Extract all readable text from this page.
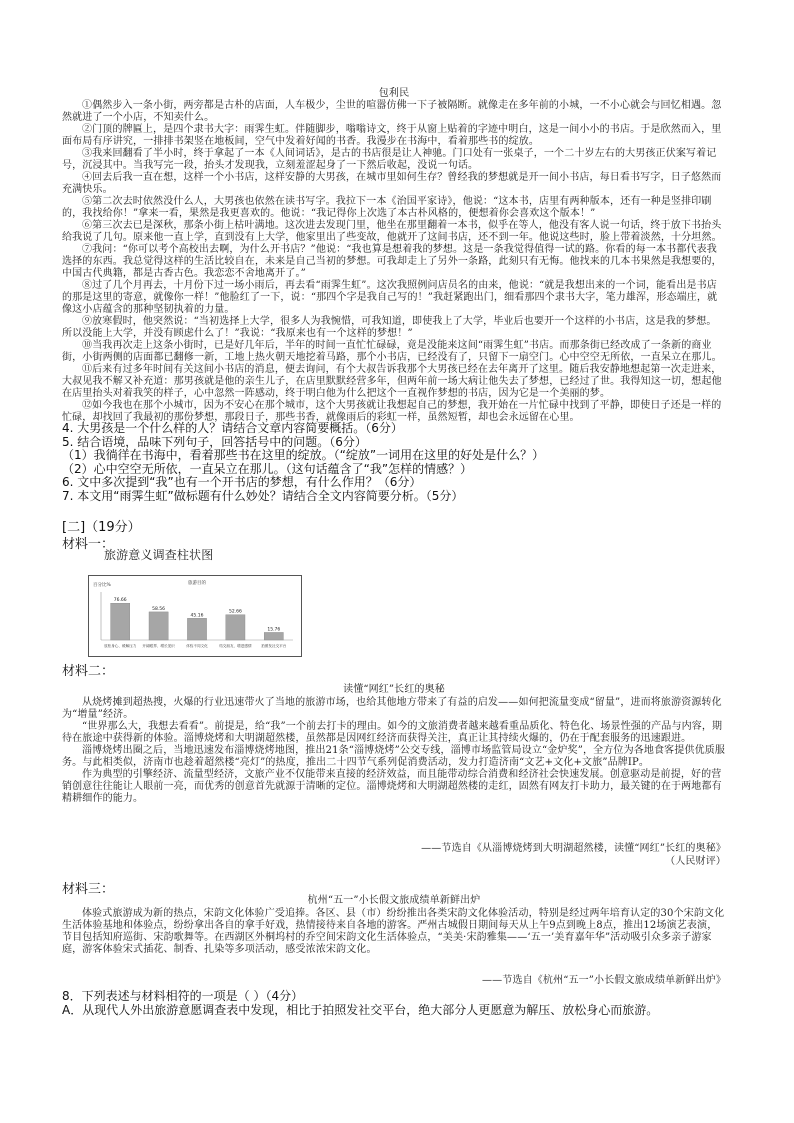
包利民

①偶然步入一条小街，两旁都是古朴的店面，人车极少，尘世的喧嚣仿佛一下子被隔断。就像走在多年前的小城，一不小心就会与回忆相遇。忽然就进了一个小店，不知卖什么。

②门顶的牌匾上，是四个隶书大字：雨霁生虹。伴随脚步，嗡嗡诗文，终于从窗上贴着的字迹中明白，这是一间小小的书店。于是欣然而入，里面布局有序讲究，一排排书架竖在地板间，空气中发着好闻的书香。我漫步在书海中，看着那些书的绽放。

③我来回翻看了半小时，终于拿起了一本《人间词话》，是古的书店很是让人神驰。门口处有一张桌子，一个二十岁左右的大男孩正伏案写着记号，沉浸其中。当我写完一段，抬头才发现我，立刻羞涩起身了一下然后收起，没说一句话。

④回去后我一直在想，这样一个小书店，这样安静的大男孩，在城市里如何生存？曾经我的梦想就是开一间小书店，每日看书写字，日子悠然而充满快乐。

⑤第二次去时依然没什么人，大男孩也依然在读书写字。我拉下一本《治国平家诗》，他说：“这本书，店里有两种版本，还有一种是竖排印刷的，我找给你！”拿来一看，果然是我更喜欢的。他说：“我记得你上次选了本古朴风格的，便想着你会喜欢这个版本！”

⑥第三次去已是深秋，那条小街上枯叶满地。这次进去发现门里，他坐在那里翻着一本书，似乎在等人，他没有客人说一句话，终于放下书抬头给我说了几句。原来他一直上学，直到没有上大学，他家里出了些变故，他就开了这间书店，还不到一年。他说这些时，脸上带着淡然，十分坦然。

⑦我问：“你可以考个高校出去啊，为什么开书店？”他说：“我也算是想着我的梦想。这是一条我觉得值得一试的路。你看的每一本书都代表我选择的东西。我总觉得这样的生活比较自在，未来是自己当初的梦想。可我却走上了另外一条路，此刻只有无悔。他找来的几本书果然是我想要的，中国古代典籍，都是古香古色。我恋恋不舍地离开了。”

⑧过了几个月再去，十月份下过一场小雨后，再去看“雨霁生虹”。这次我照例问店员名的由来，他说：“就是我想出来的一个词，能看出是书店的那是这里的寄意，就像你一样！”他脸红了一下，说：“那四个字是我自己写的！”我赶紧跑出门，细看那四个隶书大字，笔力雄浑，形态端庄，就像这小店蕴含的那种坚韧执着的力量。

⑨放寒假时，他突然说：“当初选择上大学，很多人为我惋惜，可我知道，即使我上了大学，毕业后也要开一个这样的小书店，这是我的梦想。所以没能上大学，并没有顾虑什么了！”我说：“我原来也有一个这样的梦想！”

⑩当我再次走上这条小街时，已是好几年后，半年的时间一直忙忙碌碌，竟是没能来这间“雨霁生虹”书店。而那条街已经改成了一条新的商业街，小街两侧的店面都已翻修一新，工地上热火朝天地挖着马路，那个小书店，已经没有了，只留下一扇空门。心中空空无所依，一直呆立在那儿。

⑪后来有过多年时间有关这间小书店的消息，便去询问，有个大叔告诉我那个大男孩已经在去年离开了这里。随后我安静地想起第一次走进来，大叔见我不解又补充道：那男孩就是他的亲生儿子，在店里默默经营多年，但两年前一场大病让他失去了梦想，已经过了世。我得知这一切，想起他在店里抬头对着我笑的样子，心中忽然一阵感动，终于明白他为什么把这个一直视作梦想的书店，因为它是一个美丽的梦。

⑫如今我也在那个小城市，因为不安心在那个城市，这个大男孩就让我想起自己的梦想，我开始在一片忙碌中找到了平静，即使日子还是一样的忙碌，却找回了我最初的那份梦想，那段日子，那些书香，就像雨后的彩虹一样，虽然短暂，却也会永远留在心里。

4. 大男孩是一个什么样的人？请结合文章内容简要概括。（6分）

5. 结合语境，品味下列句子，回答括号中的问题。（6分）

（1）我徜徉在书海中，看着那些书在这里的绽放。（“绽放”一词用在这里的好处是什么？）

（2）心中空空无所依，一直呆立在那儿。（这句话蕴含了“我”怎样的情感？）

6. 文中多次提到“我”也有一个开书店的梦想，有什么作用？（6分）

7. 本文用“雨霁生虹”做标题有什么妙处？请结合全文内容简要分析。（5分）

[二]（19分）
材料一：
旅游意义调查柱状图
百分比%	旅游目的
76.66
放松身心、缓解压力
58.56
开阔眼界、增长见识
45.16
体验不同文化
52.66
结交朋友、增进感情
15.76
拍照发社交平台
材料二：
读懂“网红”长红的奥秘

从烧烤摊到超热搜，火爆的行业迅速带火了当地的旅游市场，也给其他地方带来了有益的启发——如何把流量变成“留量”，进而将旅游资源转化为“增量”经济。

“世界那么大，我想去看看”。前提是，给“我”一个前去打卡的理由。如今的文旅消费者越来越看重品质化、特色化、场景性强的产品与内容，期待在旅途中获得新的体验。淄博烧烤和大明湖超然楼，虽然都是因网红经济而获得关注，真正让其持续火爆的，仍在于配套服务的迅速跟进。

淄博烧烤出圈之后，当地迅速发布淄博烧烤地图，推出21条“淄博烧烤”公交专线，淄博市场监管局设立“金炉奖”，全方位为各地食客提供优质服务。与此相类似，济南市也趁着超然楼“亮灯”的热度，推出二十四节气系列促消费活动，发力打造济南“文艺+文化+文旅”品牌IP。

作为典型的引擎经济、流量型经济，文旅产业不仅能带来直接的经济效益，而且能带动综合消费和经济社会快速发展。创意驱动是前提，好的营销创意往往能让人眼前一亮，而优秀的创意首先就源于清晰的定位。淄博烧烤和大明湖超然楼的走红，固然有网友打卡助力，最关键的在于两地都有精耕细作的能力。

——节选自《从淄博烧烤到大明湖超然楼，读懂“网红”长红的奥秘》
（人民财评）
材料三：
杭州“五一”小长假文旅成绩单新鲜出炉

体验式旅游成为新的热点，宋韵文化体验广受追捧。各区、县（市）纷纷推出各类宋韵文化体验活动，特别是经过两年培育认定的30个宋韵文化生活体验基地和体验点，纷纷拿出各自的拿手好戏，热情接待来自各地的游客。严州古城假日期间每天从上午9点到晚上8点，推出12场演艺表演，节目包括知府巡街、宋韵歌舞等。在西湖区外桐坞村的乔空间宋韵文化生活体验点，“美美·宋韵雅集——‘五一’美育嘉年华”活动吸引众多亲子游家庭，游客体验宋式插花、制香、扎染等多项活动，感受浓浓宋韵文化。

——节选自《杭州“五一”小长假文旅成绩单新鲜出炉》

8．下列表述与材料相符的一项是（ ）（4分）

A．从现代人外出旅游意愿调查表中发现，相比于拍照发社交平台，绝大部分人更愿意为解压、放松身心而旅游。
